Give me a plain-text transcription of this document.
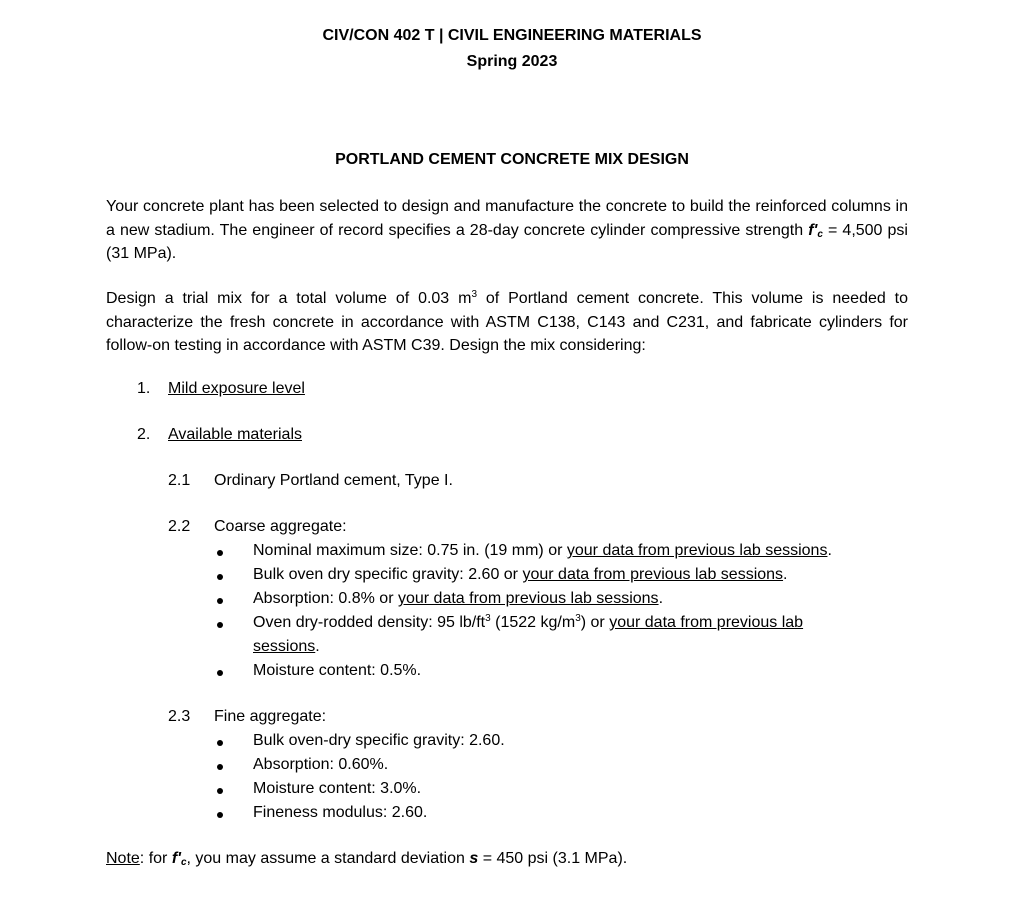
CIV/CON 402 T | CIVIL ENGINEERING MATERIALS
Spring 2023
PORTLAND CEMENT CONCRETE MIX DESIGN
Your concrete plant has been selected to design and manufacture the concrete to build the reinforced columns in a new stadium. The engineer of record specifies a 28-day concrete cylinder compressive strength $f'_c = 4,500$ psi (31 MPa).
Design a trial mix for a total volume of 0.03 $m^3$ of Portland cement concrete. This volume is needed to characterize the fresh concrete in accordance with ASTM C138, C143 and C231, and fabricate cylinders for follow-on testing in accordance with ASTM C39. Design the mix considering:
1. Mild exposure level
2. Available materials
2.1 Ordinary Portland cement, Type I.
2.2 Coarse aggregate:
Nominal maximum size: 0.75 in. (19 mm) or your data from previous lab sessions.
Bulk oven dry specific gravity: 2.60 or your data from previous lab sessions.
Absorption: 0.8% or your data from previous lab sessions.
Oven dry-rodded density: 95 $lb/ft^3$ (1522 $kg/m^3$) or your data from previous lab
sessions.
Moisture content: 0.5%.
2.3 Fine aggregate:
Bulk oven-dry specific gravity: 2.60.
Absorption: 0.60%.
Moisture content: 3.0%.
Fineness modulus: 2.60.
Note: for $f'_c$, you may assume a standard deviation s = 450 psi (3.1 MPa).
